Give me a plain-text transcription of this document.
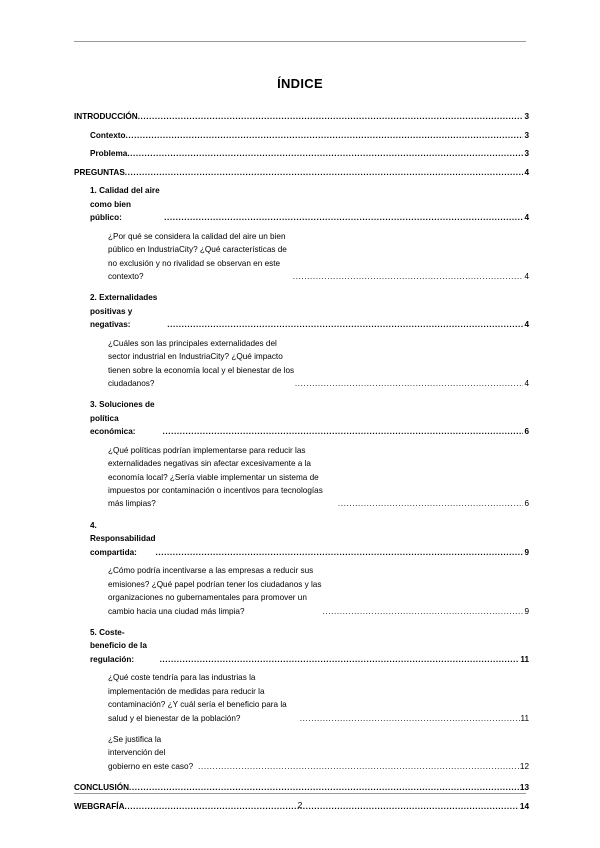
ÍNDICE
INTRODUCCIÓN .....	3
Contexto .....	3
Problema .....	3
PREGUNTAS .....	4
1. Calidad del aire como bien público: .....	4
¿Por qué se considera la calidad del aire un bien público en IndustriaCity? ¿Qué características de no exclusión y no rivalidad se observan en este contexto? .....	4
2. Externalidades positivas y negativas: .....	4
¿Cuáles son las principales externalidades del sector industrial en IndustriaCity? ¿Qué impacto tienen sobre la economía local y el bienestar de los ciudadanos? .....	4
3. Soluciones de política económica: .....	6
¿Qué políticas podrían implementarse para reducir las externalidades negativas sin afectar excesivamente a la economía local? ¿Sería viable implementar un sistema de impuestos por contaminación o incentivos para tecnologías más limpias? .....	6
4. Responsabilidad compartida: .....	9
¿Cómo podría incentivarse a las empresas a reducir sus emisiones? ¿Qué papel podrían tener los ciudadanos y las organizaciones no gubernamentales para promover un cambio hacia una ciudad más limpia? .....	9
5. Coste-beneficio de la regulación: .....	11
¿Qué coste tendría para las industrias la implementación de medidas para reducir la contaminación? ¿Y cuál sería el beneficio para la salud y el bienestar de la población? .....	11
¿Se justifica la intervención del gobierno en este caso? .....	12
CONCLUSIÓN .....	13
WEBGRAFÍA .....	14
2
